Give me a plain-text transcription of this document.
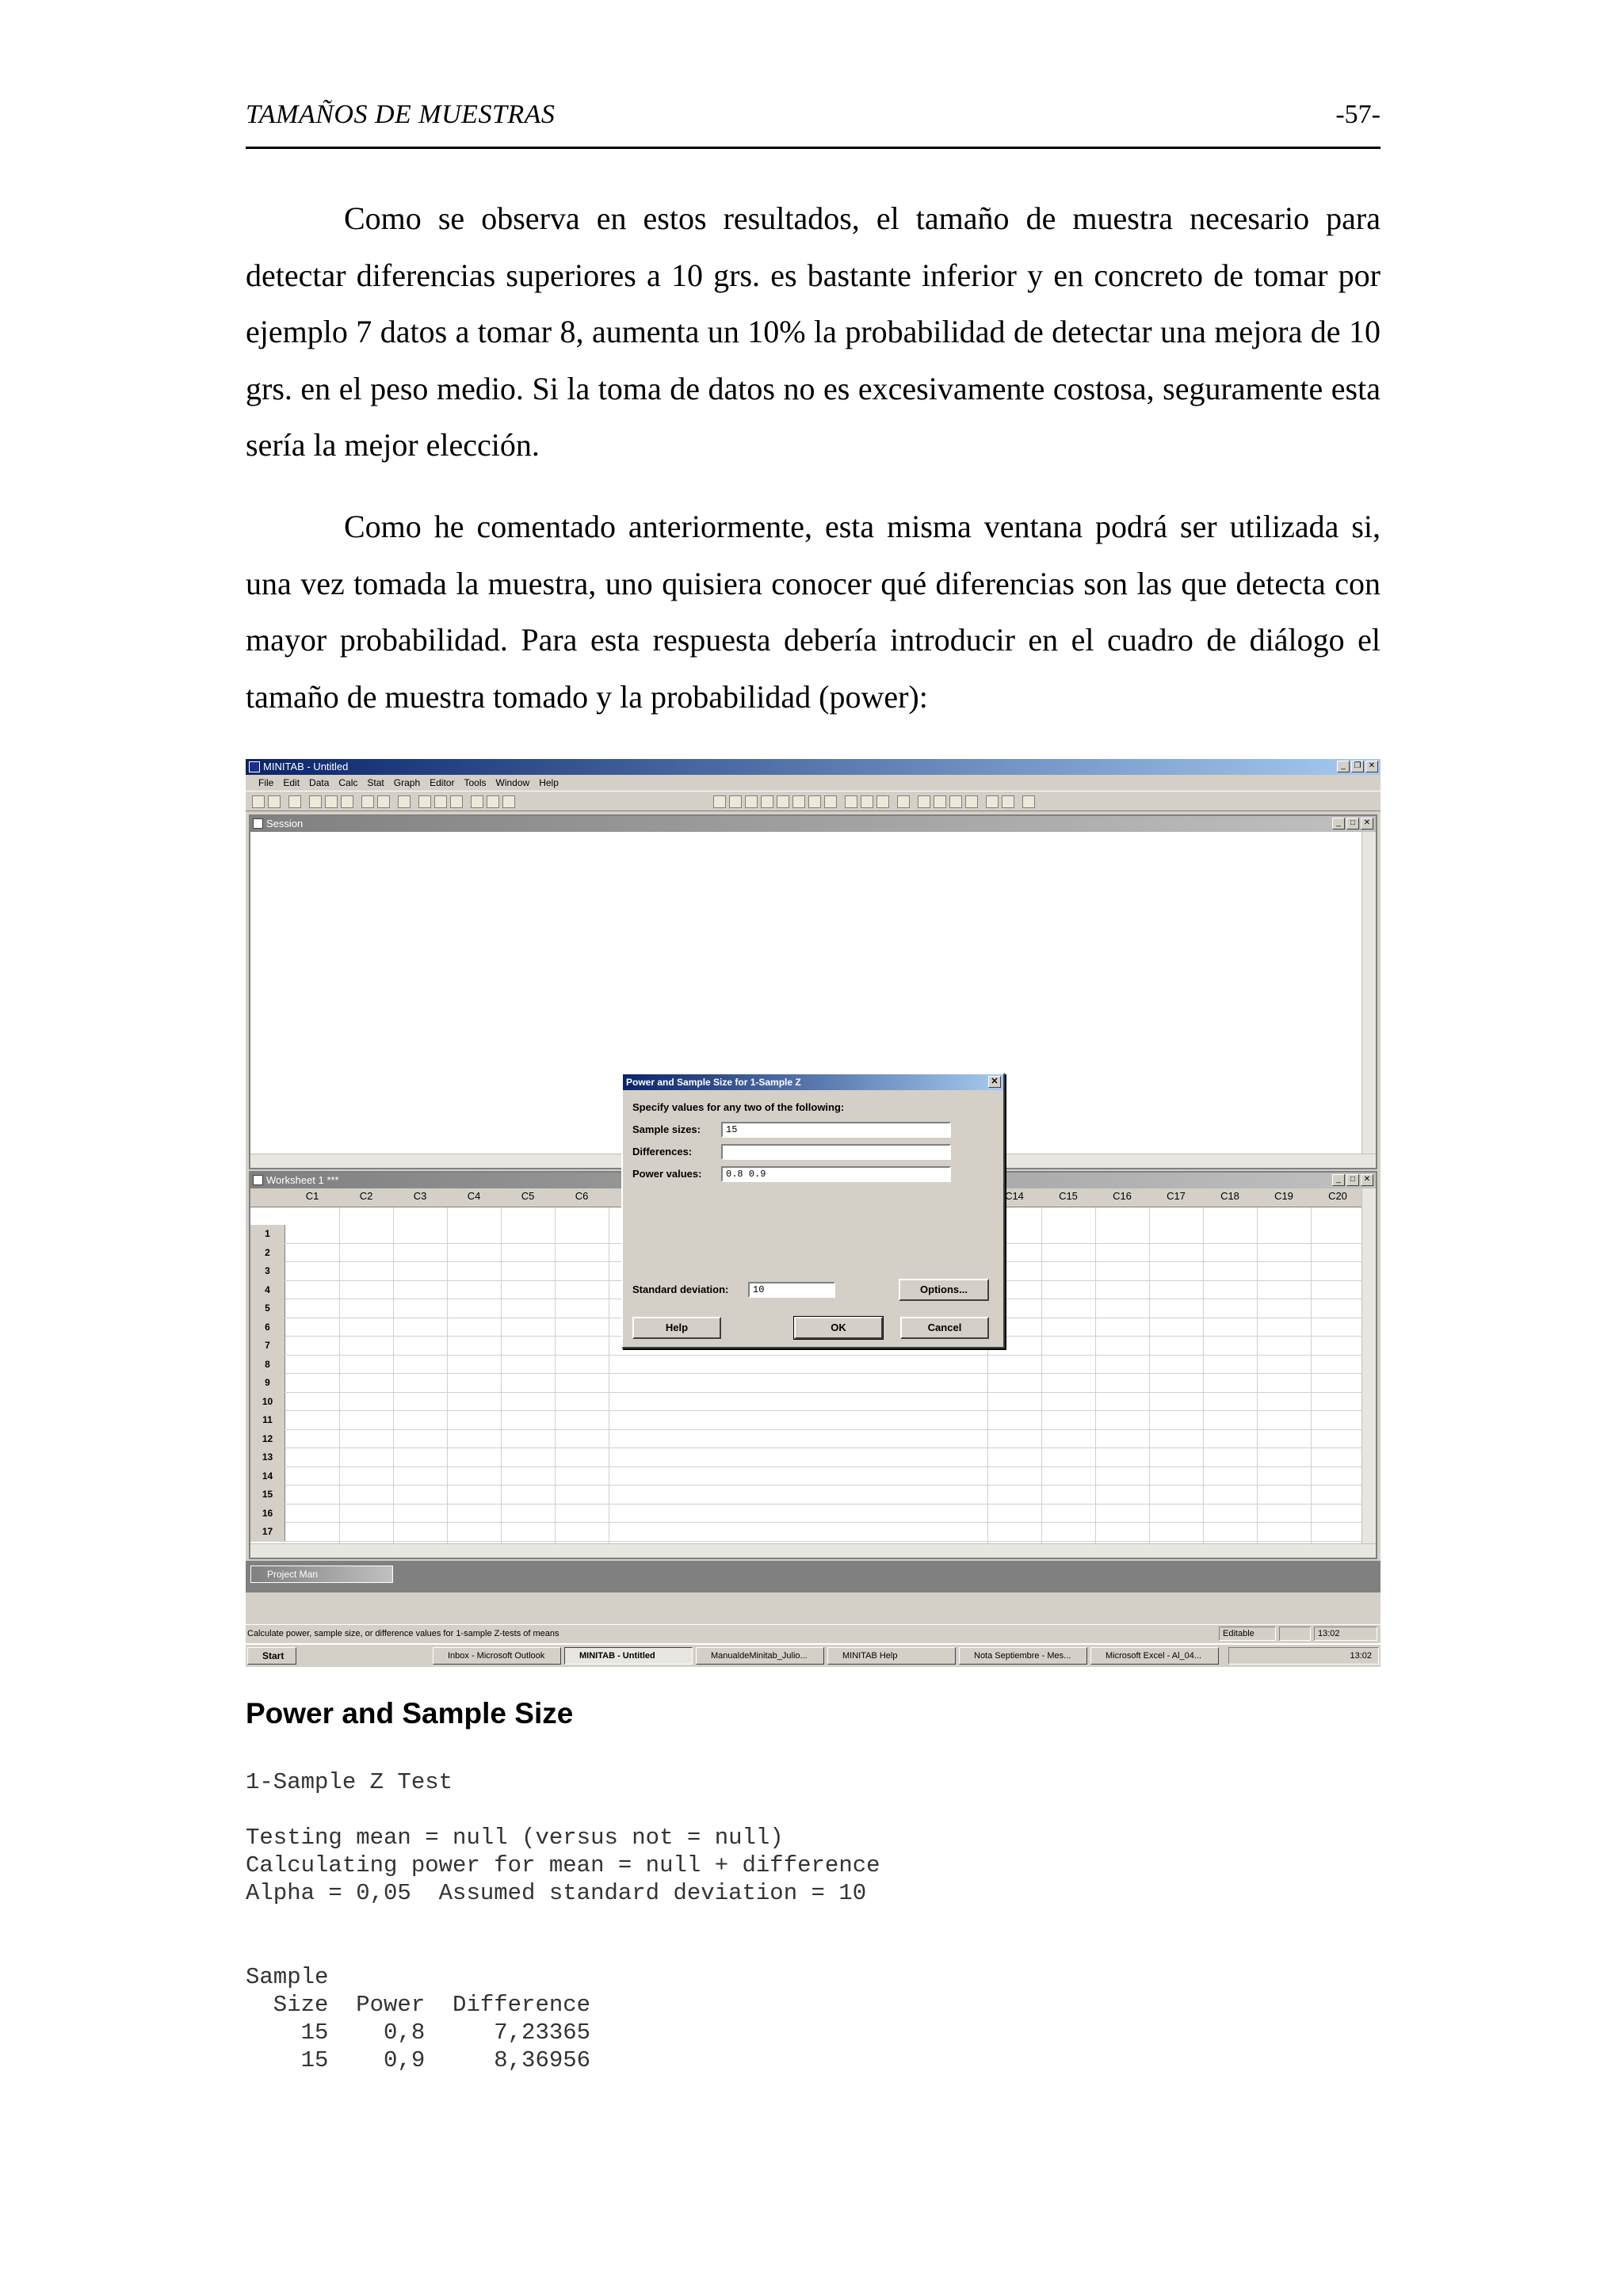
TAMAÑOS DE MUESTRAS	-57-

Como se observa en estos resultados, el tamaño de muestra necesario para detectar diferencias superiores a 10 grs. es bastante inferior y en concreto de tomar por ejemplo 7 datos a tomar 8, aumenta un 10% la probabilidad de detectar una mejora de 10 grs. en el peso medio. Si la toma de datos no es excesivamente costosa, seguramente esta sería la mejor elección.

Como he comentado anteriormente, esta misma ventana podrá ser utilizada si, una vez tomada la muestra, uno quisiera conocer qué diferencias son las que detecta con mayor probabilidad. Para esta respuesta debería introducir en el cuadro de diálogo el tamaño de muestra tomado y la probabilidad (power):

MINITAB - Untitled	_	❐ ✕
File Edit Data Calc Stat Graph Editor Tools Window Help
Session	_	□	✕
Worksheet 1 ***	_	□	✕
C1	C2	C3	C4	C5	C6	C14	C15	C16	C17	C18	C19	C20
1
2
3
4
5
6
7
8
9
10
11
12
13
14
15
16
17
Project Man
Calculate power, sample size, or difference values for 1-sample Z-tests of means	Editable	13:02
Start	Inbox - Microsoft Outlook	MINITAB - Untitled	ManualdeMinitab_Julio...	MINITAB Help	Nota Septiembre - Mes...	Microsoft Excel - Al_04...	13:02
Power and Sample Size for 1-Sample Z	✕
Specify values for any two of the following:
Sample sizes:	15
Differences:
Power values:	0.8 0.9
Standard deviation:	10	Options...
Help	OK	Cancel
Power and Sample Size
1-Sample Z Test
Testing mean = null (versus not = null)
Calculating power for mean = null + difference
Alpha = 0,05  Assumed standard deviation = 10
Sample
Size  Power  Difference
15    0,8     7,23365
15    0,9     8,36956
